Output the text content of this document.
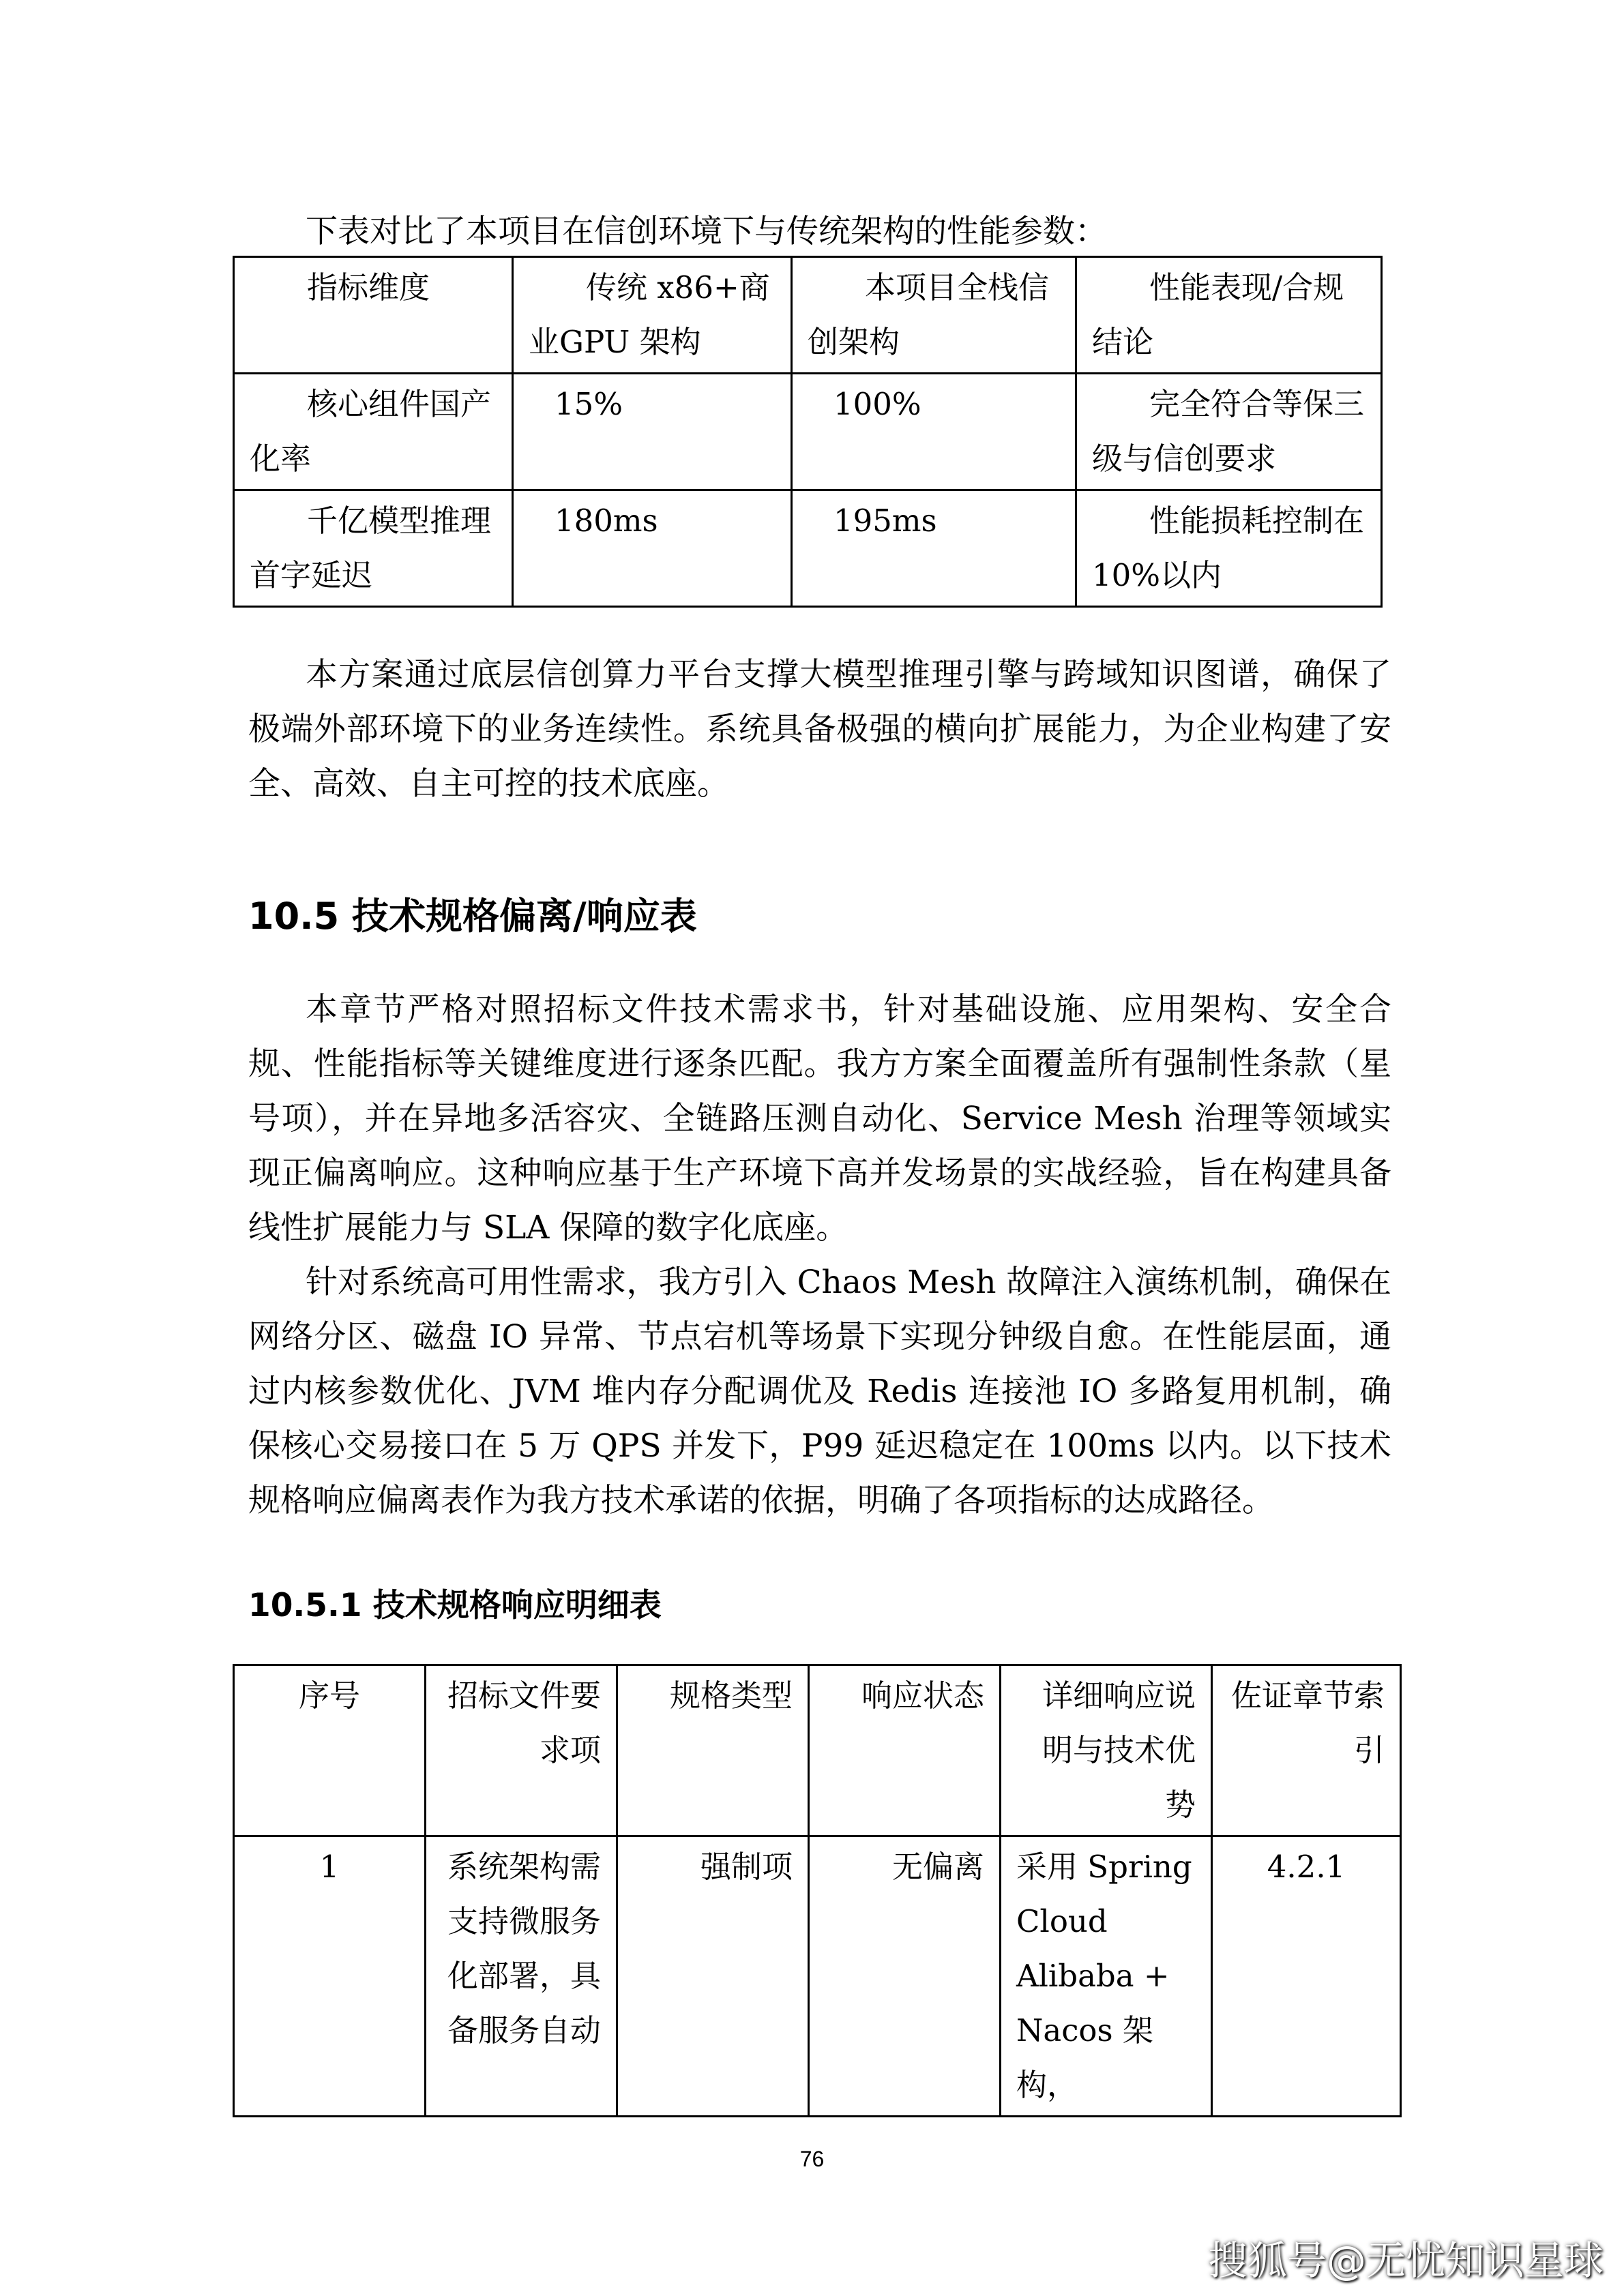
下表对比了本项目在信创环境下与传统架构的性能参数：

指标维度	传统 x86+商业GPU 架构	本项目全栈信创架构	性能表现/合规结论
核心组件国产化率	15%	100%	完全符合等保三级与信创要求
千亿模型推理首字延迟	180ms	195ms	性能损耗控制在 10%以内

本方案通过底层信创算力平台支撑大模型推理引擎与跨域知识图谱，确保了极端外部环境下的业务连续性。系统具备极强的横向扩展能力，为企业构建了安全、高效、自主可控的技术底座。

10.5 技术规格偏离/响应表

本章节严格对照招标文件技术需求书，针对基础设施、应用架构、安全合规、性能指标等关键维度进行逐条匹配。我方方案全面覆盖所有强制性条款（星号项），并在异地多活容灾、全链路压测自动化、Service Mesh 治理等领域实现正偏离响应。这种响应基于生产环境下高并发场景的实战经验，旨在构建具备线性扩展能力与 SLA 保障的数字化底座。

针对系统高可用性需求，我方引入 Chaos Mesh 故障注入演练机制，确保在网络分区、磁盘 IO 异常、节点宕机等场景下实现分钟级自愈。在性能层面，通过内核参数优化、JVM 堆内存分配调优及 Redis 连接池 IO 多路复用机制，确保核心交易接口在 5 万 QPS 并发下，P99 延迟稳定在 100ms 以内。以下技术规格响应偏离表作为我方技术承诺的依据，明确了各项指标的达成路径。

10.5.1 技术规格响应明细表
序号	招标文件要求项	规格类型	响应状态	详细响应说明与技术优势	佐证章节索引
1	系统架构需支持微服务化部署，具备服务自动	强制项	无偏离	采用 Spring Cloud Alibaba + Nacos 架构，	4.2.1

76

搜狐号@无忧知识星球
